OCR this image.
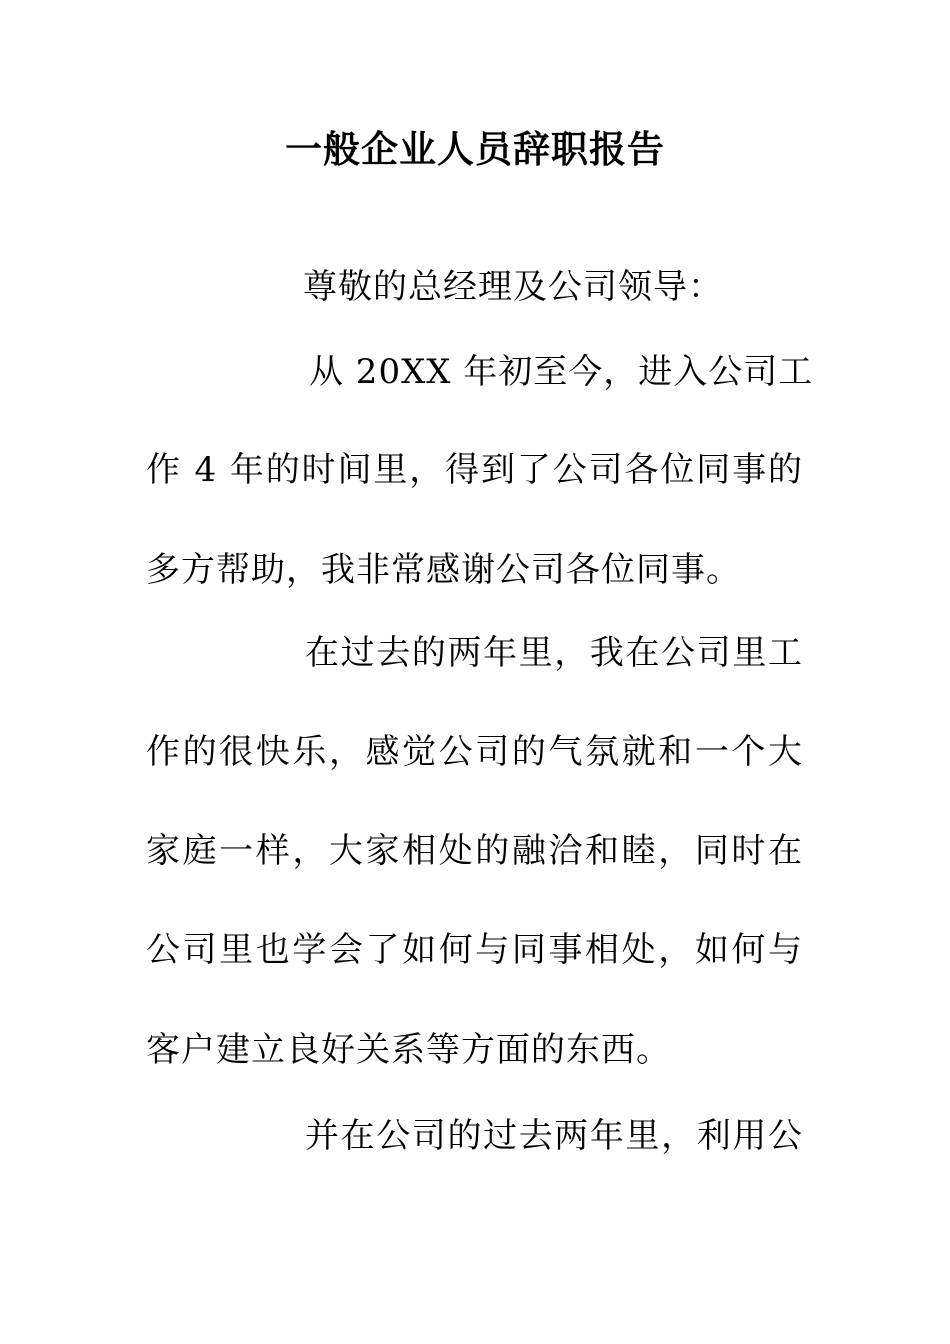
一般企业人员辞职报告
尊敬的总经理及公司领导：
从 20XX 年初至今，进入公司工
作 4 年的时间里，得到了公司各位同事的
多方帮助，我非常感谢公司各位同事。
在过去的两年里，我在公司里工
作的很快乐，感觉公司的气氛就和一个大
家庭一样，大家相处的融洽和睦，同时在
公司里也学会了如何与同事相处，如何与
客户建立良好关系等方面的东西。
并在公司的过去两年里，利用公
